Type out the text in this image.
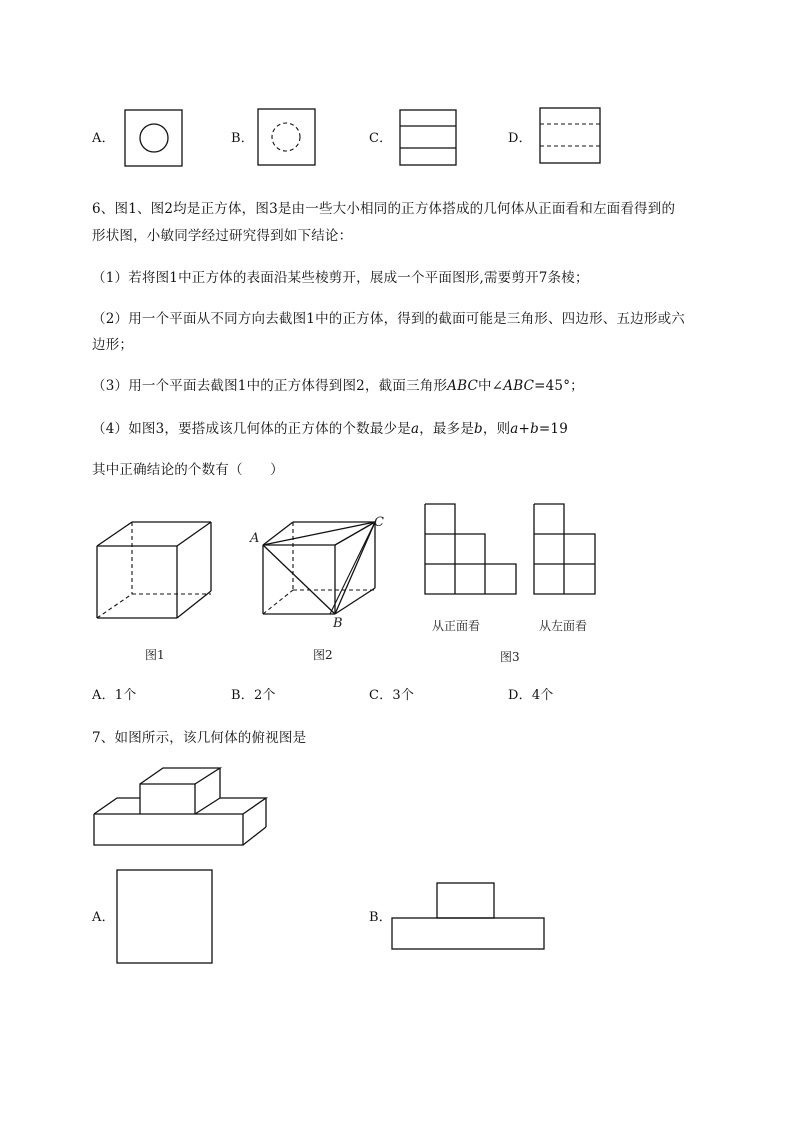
A．	B．	C．	D．
6、图1、图2均是正方体，图3是由一些大小相同的正方体搭成的几何体从正面看和左面看得到的
形状图，小敏同学经过研究得到如下结论：
（1）若将图1中正方体的表面沿某些棱剪开，展成一个平面图形,需要剪开7条棱；
（2）用一个平面从不同方向去截图1中的正方体，得到的截面可能是三角形、四边形、五边形或六
边形；
（3）用一个平面去截图1中的正方体得到图2，截面三角形ABC中∠ABC=45°；
（4）如图3，要搭成该几何体的正方体的个数最少是a，最多是b，则a+b=19
其中正确结论的个数有（　　）
图1
A
C
B
图2
从正面看	从左面看
图3
A．1个	B．2个	C．3个	D．4个
7、如图所示，该几何体的俯视图是
A．	B．
